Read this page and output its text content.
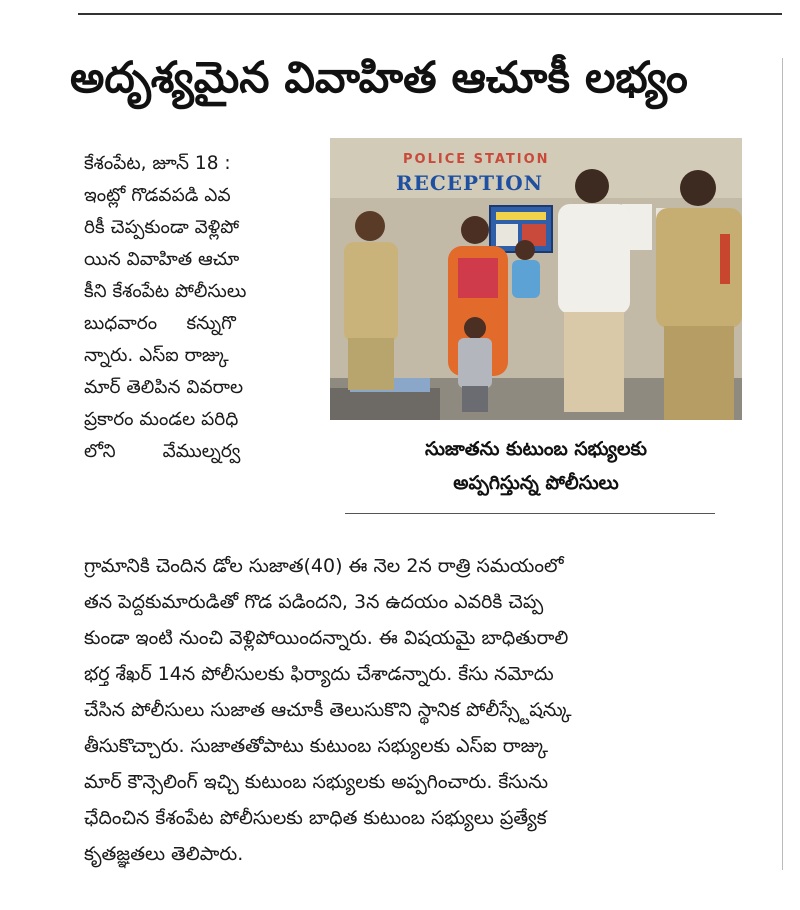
అదృశ్యమైన వివాహిత ఆచూకీ లభ్యం
కేశంపేట, జూన్ 18 :
ఇంట్లో గొడవపడి ఎవ
రికీ చెప్పకుండా వెళ్లిపో
యిన వివాహిత ఆచూ
కీని కేశంపేట పోలీసులు
బుధవారం     కన్నుగొ
న్నారు. ఎస్ఐ రాజ్కు
మార్ తెలిపిన వివరాల
ప్రకారం మండల పరిధి
లోని        వేముల్నర్వ
POLICE STATION
RECEPTION
సుజాతను కుటుంబ సభ్యులకు
అప్పగిస్తున్న పోలీసులు
గ్రామానికి చెందిన డోల సుజాత(40) ఈ నెల 2న రాత్రి సమయంలో
తన పెద్దకుమారుడితో గొడ పడిందని, 3న ఉదయం ఎవరికి చెప్ప
కుండా ఇంటి నుంచి వెళ్లిపోయిందన్నారు. ఈ విషయమై బాధితురాలి
భర్త శేఖర్ 14న పోలీసులకు ఫిర్యాదు చేశాడన్నారు. కేసు నమోదు
చేసిన పోలీసులు సుజాత ఆచూకీ తెలుసుకొని స్థానిక పోలీస్స్టేషన్కు
తీసుకొచ్చారు. సుజాతతోపాటు కుటుంబ సభ్యులకు ఎస్ఐ రాజ్కు
మార్ కౌన్సెలింగ్ ఇచ్చి కుటుంబ సభ్యులకు అప్పగించారు. కేసును
ఛేదించిన కేశంపేట పోలీసులకు బాధిత కుటుంబ సభ్యులు ప్రత్యేక
కృతజ్ఞతలు తెలిపారు.
